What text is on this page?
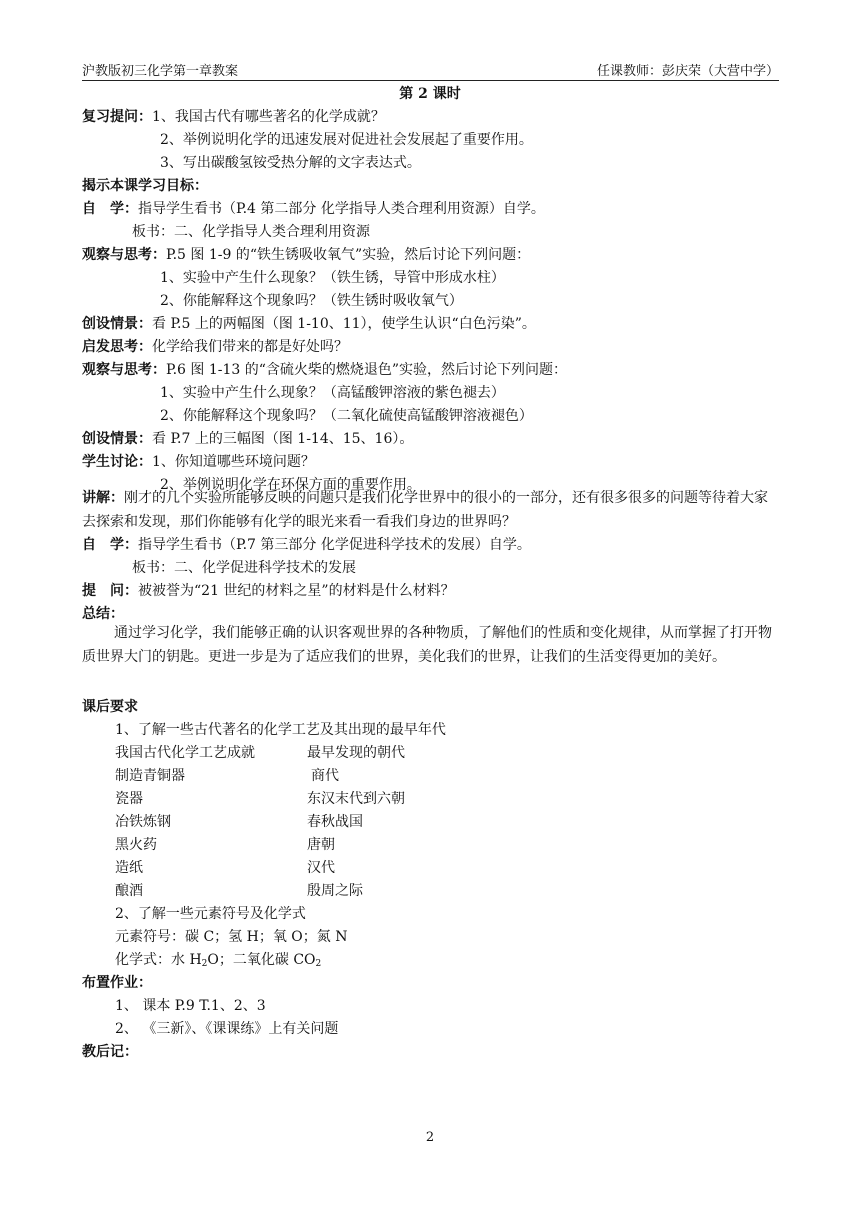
沪教版初三化学第一章教案	任课教师：彭庆荣（大营中学）
第 2 课时
复习提问：1、我国古代有哪些著名的化学成就？
2、举例说明化学的迅速发展对促进社会发展起了重要作用。
3、写出碳酸氢铵受热分解的文字表达式。
揭示本课学习目标：
自　学：指导学生看书（P.4 第二部分 化学指导人类合理利用资源）自学。
板书：二、化学指导人类合理利用资源
观察与思考：P.5 图 1-9 的“铁生锈吸收氧气”实验，然后讨论下列问题：
1、实验中产生什么现象？（铁生锈，导管中形成水柱）
2、你能解释这个现象吗？（铁生锈时吸收氧气）
创设情景：看 P.5 上的两幅图（图 1-10、11），使学生认识“白色污染”。
启发思考：化学给我们带来的都是好处吗？
观察与思考：P.6 图 1-13 的“含硫火柴的燃烧退色”实验，然后讨论下列问题：
1、实验中产生什么现象？（高锰酸钾溶液的紫色褪去）
2、你能解释这个现象吗？（二氧化硫使高锰酸钾溶液褪色）
创设情景：看 P.7 上的三幅图（图 1-14、15、16）。
学生讨论：1、你知道哪些环境问题？
2、举例说明化学在环保方面的重要作用。
讲解：刚才的几个实验所能够反映的问题只是我们化学世界中的很小的一部分，还有很多很多的问题等待着大家去探索和发现，那们你能够有化学的眼光来看一看我们身边的世界吗？
自　学：指导学生看书（P.7 第三部分 化学促进科学技术的发展）自学。
板书：二、化学促进科学技术的发展
提　问：被被誉为“21 世纪的材料之星”的材料是什么材料？
总结：
通过学习化学，我们能够正确的认识客观世界的各种物质，了解他们的性质和变化规律，从而掌握了打开物质世界大门的钥匙。更进一步是为了适应我们的世界，美化我们的世界，让我们的生活变得更加的美好。
课后要求
1、了解一些古代著名的化学工艺及其出现的最早年代
我国古代化学工艺成就	最早发现的朝代
制造青铜器	商代
瓷器	东汉末代到六朝
冶铁炼钢	春秋战国
黑火药	唐朝
造纸	汉代
酿酒	殷周之际
2、了解一些元素符号及化学式
元素符号：碳 C；氢 H；氧 O；氮 N
化学式：水 $H_2O$；二氧化碳 $CO_2$
布置作业：
1、 课本 P.9 T.1、2、3
2、 《三新》、《课课练》上有关问题
教后记：
2
